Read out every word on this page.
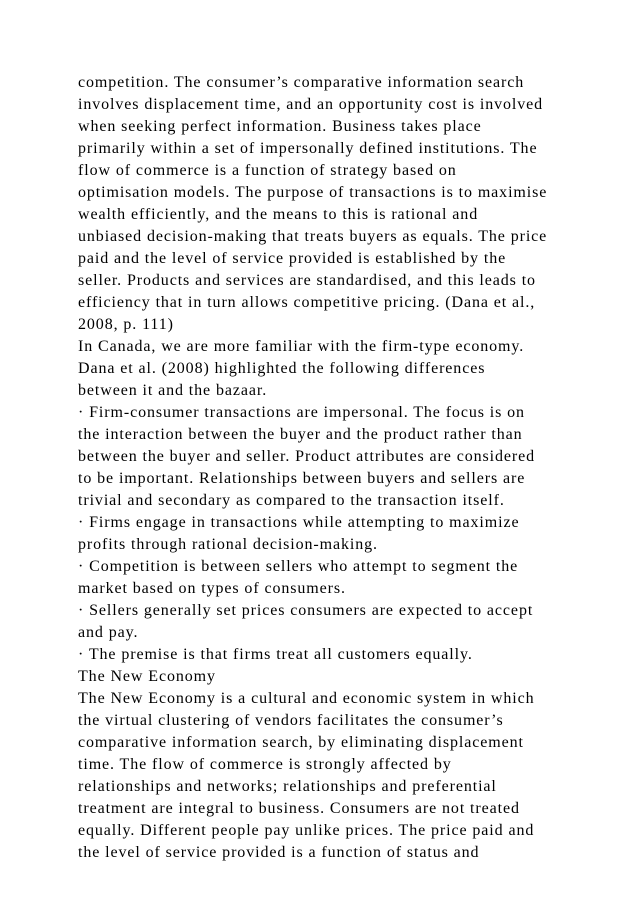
competition. The consumer’s comparative information search
involves displacement time, and an opportunity cost is involved
when seeking perfect information. Business takes place
primarily within a set of impersonally defined institutions. The
flow of commerce is a function of strategy based on
optimisation models. The purpose of transactions is to maximise
wealth efficiently, and the means to this is rational and
unbiased decision-making that treats buyers as equals. The price
paid and the level of service provided is established by the
seller. Products and services are standardised, and this leads to
efficiency that in turn allows competitive pricing. (Dana et al.,
2008, p. 111)
In Canada, we are more familiar with the firm-type economy.
Dana et al. (2008) highlighted the following differences
between it and the bazaar.
· Firm-consumer transactions are impersonal. The focus is on
the interaction between the buyer and the product rather than
between the buyer and seller. Product attributes are considered
to be important. Relationships between buyers and sellers are
trivial and secondary as compared to the transaction itself.
· Firms engage in transactions while attempting to maximize
profits through rational decision-making.
· Competition is between sellers who attempt to segment the
market based on types of consumers.
· Sellers generally set prices consumers are expected to accept
and pay.
· The premise is that firms treat all customers equally.
The New Economy
The New Economy is a cultural and economic system in which
the virtual clustering of vendors facilitates the consumer’s
comparative information search, by eliminating displacement
time. The flow of commerce is strongly affected by
relationships and networks; relationships and preferential
treatment are integral to business. Consumers are not treated
equally. Different people pay unlike prices. The price paid and
the level of service provided is a function of status and
